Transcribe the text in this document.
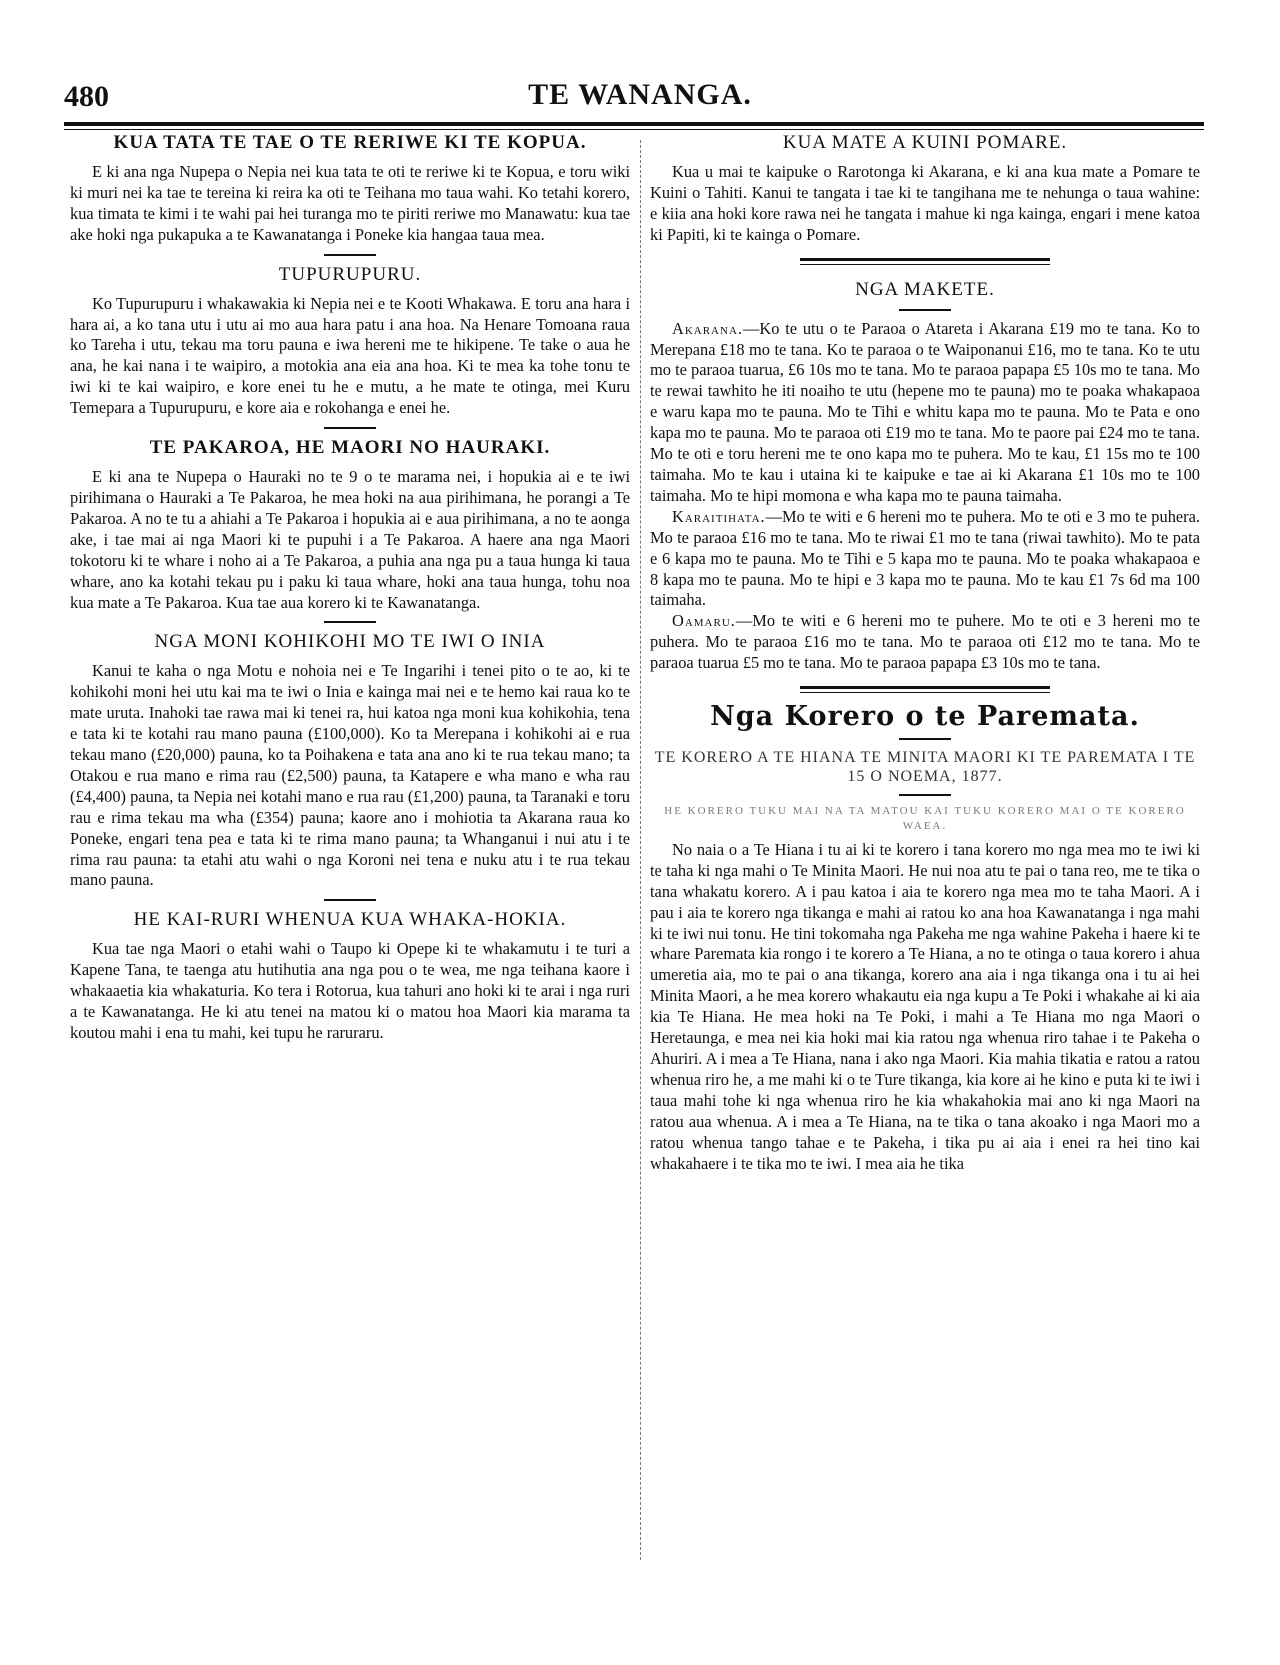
480	TE WANANGA.
KUA TATA TE TAE O TE RERIWE KI TE KOPUA.

E ki ana nga Nupepa o Nepia nei kua tata te oti te reriwe ki te Kopua, e toru wiki ki muri nei ka tae te tereina ki reira ka oti te Teihana mo taua wahi. Ko tetahi korero, kua timata te kimi i te wahi pai hei turanga mo te piriti reriwe mo Manawatu: kua tae ake hoki nga pukapuka a te Kawanatanga i Poneke kia hangaa taua mea.

TUPURUPURU.

Ko Tupurupuru i whakawakia ki Nepia nei e te Kooti Whakawa. E toru ana hara i hara ai, a ko tana utu i utu ai mo aua hara patu i ana hoa. Na Henare Tomoana raua ko Tareha i utu, tekau ma toru pauna e iwa hereni me te hikipene. Te take o aua he ana, he kai nana i te waipiro, a motokia ana eia ana hoa. Ki te mea ka tohe tonu te iwi ki te kai waipiro, e kore enei tu he e mutu, a he mate te otinga, mei Kuru Temepara a Tupurupuru, e kore aia e rokohanga e enei he.

TE PAKAROA, HE MAORI NO HAURAKI.

E ki ana te Nupepa o Hauraki no te 9 o te marama nei, i hopukia ai e te iwi pirihimana o Hauraki a Te Pakaroa, he mea hoki na aua pirihimana, he porangi a Te Pakaroa. A no te tu a ahiahi a Te Pakaroa i hopukia ai e aua pirihimana, a no te aonga ake, i tae mai ai nga Maori ki te pupuhi i a Te Pakaroa. A haere ana nga Maori tokotoru ki te whare i noho ai a Te Pakaroa, a puhia ana nga pu a taua hunga ki taua whare, ano ka kotahi tekau pu i paku ki taua whare, hoki ana taua hunga, tohu noa kua mate a Te Pakaroa. Kua tae aua korero ki te Kawanatanga.

NGA MONI KOHIKOHI MO TE IWI O INIA

Kanui te kaha o nga Motu e nohoia nei e Te Ingarihi i tenei pito o te ao, ki te kohikohi moni hei utu kai ma te iwi o Inia e kainga mai nei e te hemo kai raua ko te mate uruta. Inahoki tae rawa mai ki tenei ra, hui katoa nga moni kua kohikohia, tena e tata ki te kotahi rau mano pauna (£100,000). Ko ta Merepana i kohikohi ai e rua tekau mano (£20,000) pauna, ko ta Poihakena e tata ana ano ki te rua tekau mano; ta Otakou e rua mano e rima rau (£2,500) pauna, ta Katapere e wha mano e wha rau (£4,400) pauna, ta Nepia nei kotahi mano e rua rau (£1,200) pauna, ta Taranaki e toru rau e rima tekau ma wha (£354) pauna; kaore ano i mohiotia ta Akarana raua ko Poneke, engari tena pea e tata ki te rima mano pauna; ta Whanganui i nui atu i te rima rau pauna: ta etahi atu wahi o nga Koroni nei tena e nuku atu i te rua tekau mano pauna.

HE KAI-RURI WHENUA KUA WHAKA-HOKIA.

Kua tae nga Maori o etahi wahi o Taupo ki Opepe ki te whakamutu i te turi a Kapene Tana, te taenga atu hutihutia ana nga pou o te wea, me nga teihana kaore i whakaaetia kia whakaturia. Ko tera i Rotorua, kua tahuri ano hoki ki te arai i nga ruri a te Kawanatanga. He ki atu tenei na matou ki o matou hoa Maori kia marama ta koutou mahi i ena tu mahi, kei tupu he raruraru.

KUA MATE A KUINI POMARE.

Kua u mai te kaipuke o Rarotonga ki Akarana, e ki ana kua mate a Pomare te Kuini o Tahiti. Kanui te tangata i tae ki te tangihana me te nehunga o taua wahine: e kiia ana hoki kore rawa nei he tangata i mahue ki nga kainga, engari i mene katoa ki Papiti, ki te kainga o Pomare.

NGA MAKETE.

Akarana.—Ko te utu o te Paraoa o Atareta i Akarana £19 mo te tana. Ko to Merepana £18 mo te tana. Ko te paraoa o te Waiponanui £16, mo te tana. Ko te utu mo te paraoa tuarua, £6 10s mo te tana. Mo te paraoa papapa £5 10s mo te tana. Mo te rewai tawhito he iti noaiho te utu (hepene mo te pauna) mo te poaka whakapaoa e waru kapa mo te pauna. Mo te Tihi e whitu kapa mo te pauna. Mo te Pata e ono kapa mo te pauna. Mo te paraoa oti £19 mo te tana. Mo te paore pai £24 mo te tana. Mo te oti e toru hereni me te ono kapa mo te puhera. Mo te kau, £1 15s mo te 100 taimaha. Mo te kau i utaina ki te kaipuke e tae ai ki Akarana £1 10s mo te 100 taimaha. Mo te hipi momona e wha kapa mo te pauna taimaha.

Karaitihata.—Mo te witi e 6 hereni mo te puhera. Mo te oti e 3 mo te puhera. Mo te paraoa £16 mo te tana. Mo te riwai £1 mo te tana (riwai tawhito). Mo te pata e 6 kapa mo te pauna. Mo te Tihi e 5 kapa mo te pauna. Mo te poaka whakapaoa e 8 kapa mo te pauna. Mo te hipi e 3 kapa mo te pauna. Mo te kau £1 7s 6d ma 100 taimaha.

Oamaru.—Mo te witi e 6 hereni mo te puhere. Mo te oti e 3 hereni mo te puhera. Mo te paraoa £16 mo te tana. Mo te paraoa oti £12 mo te tana. Mo te paraoa tuarua £5 mo te tana. Mo te paraoa papapa £3 10s mo te tana.

Nga Korero o te Paremata.
TE KORERO A TE HIANA TE MINITA MAORI KI TE PAREMATA I TE 15 O NOEMA, 1877.
HE KORERO TUKU MAI NA TA MATOU KAI TUKU KORERO MAI O TE KORERO WAEA.

No naia o a Te Hiana i tu ai ki te korero i tana korero mo nga mea mo te iwi ki te taha ki nga mahi o Te Minita Maori. He nui noa atu te pai o tana reo, me te tika o tana whakatu korero. A i pau katoa i aia te korero nga mea mo te taha Maori. A i pau i aia te korero nga tikanga e mahi ai ratou ko ana hoa Kawanatanga i nga mahi ki te iwi nui tonu. He tini tokomaha nga Pakeha me nga wahine Pakeha i haere ki te whare Paremata kia rongo i te korero a Te Hiana, a no te otinga o taua korero i ahua umeretia aia, mo te pai o ana tikanga, korero ana aia i nga tikanga ona i tu ai hei Minita Maori, a he mea korero whakautu eia nga kupu a Te Poki i whakahe ai ki aia kia Te Hiana. He mea hoki na Te Poki, i mahi a Te Hiana mo nga Maori o Heretaunga, e mea nei kia hoki mai kia ratou nga whenua riro tahae i te Pakeha o Ahuriri. A i mea a Te Hiana, nana i ako nga Maori. Kia mahia tikatia e ratou a ratou whenua riro he, a me mahi ki o te Ture tikanga, kia kore ai he kino e puta ki te iwi i taua mahi tohe ki nga whenua riro he kia whakahokia mai ano ki nga Maori na ratou aua whenua. A i mea a Te Hiana, na te tika o tana akoako i nga Maori mo a ratou whenua tango tahae e te Pakeha, i tika pu ai aia i enei ra hei tino kai whakahaere i te tika mo te iwi. I mea aia he tika
